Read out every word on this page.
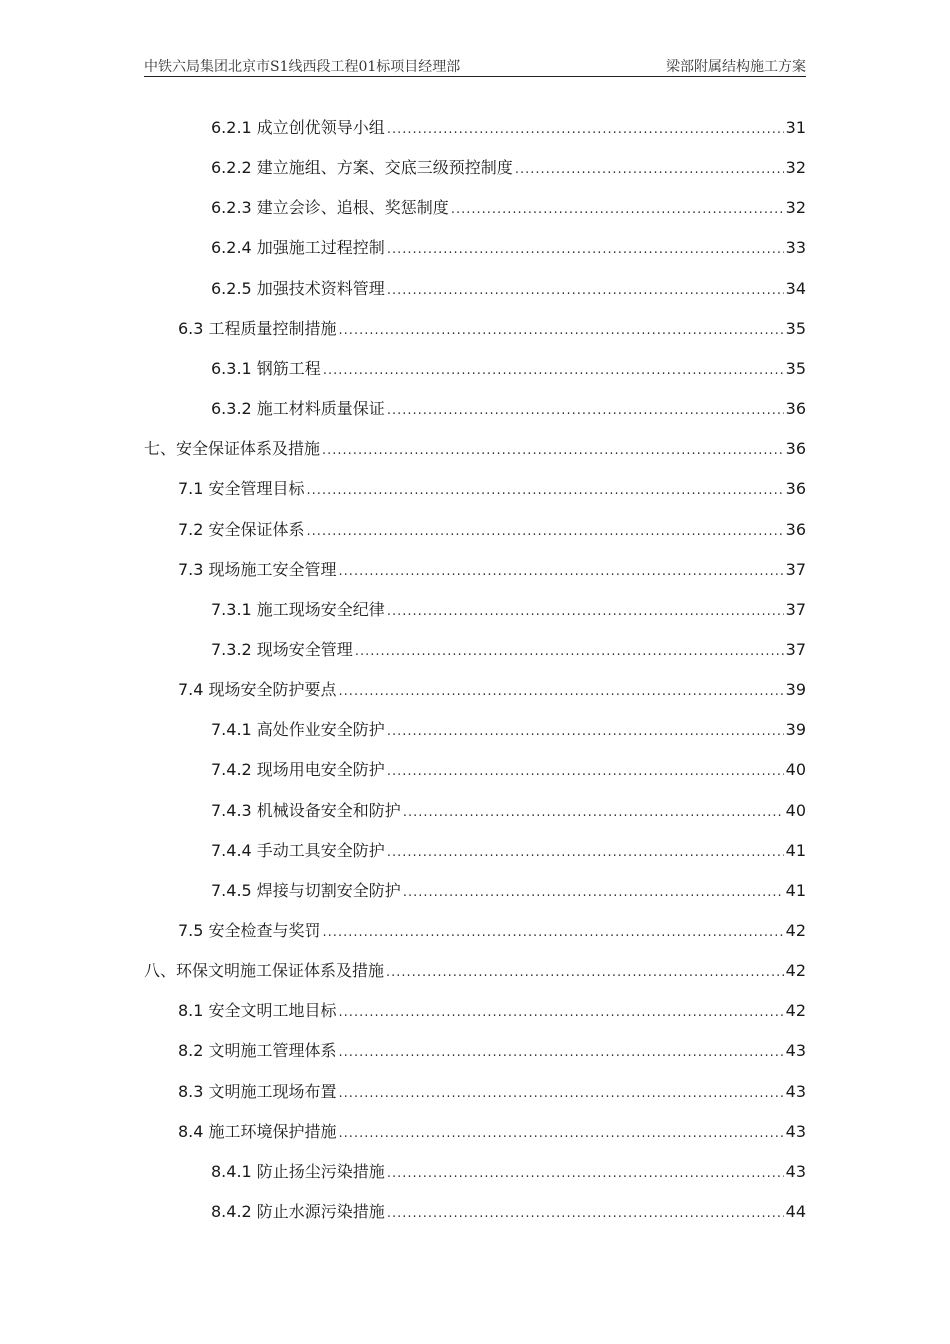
中铁六局集团北京市S1线西段工程01标项目经理部	梁部附属结构施工方案
6.2.1 成立创优领导小组 .....	31
6.2.2 建立施组、方案、交底三级预控制度 .....	32
6.2.3 建立会诊、追根、奖惩制度 .....	32
6.2.4 加强施工过程控制 .....	33
6.2.5 加强技术资料管理 .....	34
6.3 工程质量控制措施 .....	35
6.3.1 钢筋工程 .....	35
6.3.2 施工材料质量保证 .....	36
七、安全保证体系及措施 .....	36
7.1 安全管理目标 .....	36
7.2 安全保证体系 .....	36
7.3 现场施工安全管理 .....	37
7.3.1 施工现场安全纪律 .....	37
7.3.2 现场安全管理 .....	37
7.4 现场安全防护要点 .....	39
7.4.1 高处作业安全防护 .....	39
7.4.2 现场用电安全防护 .....	40
7.4.3 机械设备安全和防护 .....	40
7.4.4 手动工具安全防护 .....	41
7.4.5 焊接与切割安全防护 .....	41
7.5 安全检查与奖罚 .....	42
八、环保文明施工保证体系及措施 .....	42
8.1 安全文明工地目标 .....	42
8.2 文明施工管理体系 .....	43
8.3 文明施工现场布置 .....	43
8.4 施工环境保护措施 .....	43
8.4.1 防止扬尘污染措施 .....	43
8.4.2 防止水源污染措施 .....	44
